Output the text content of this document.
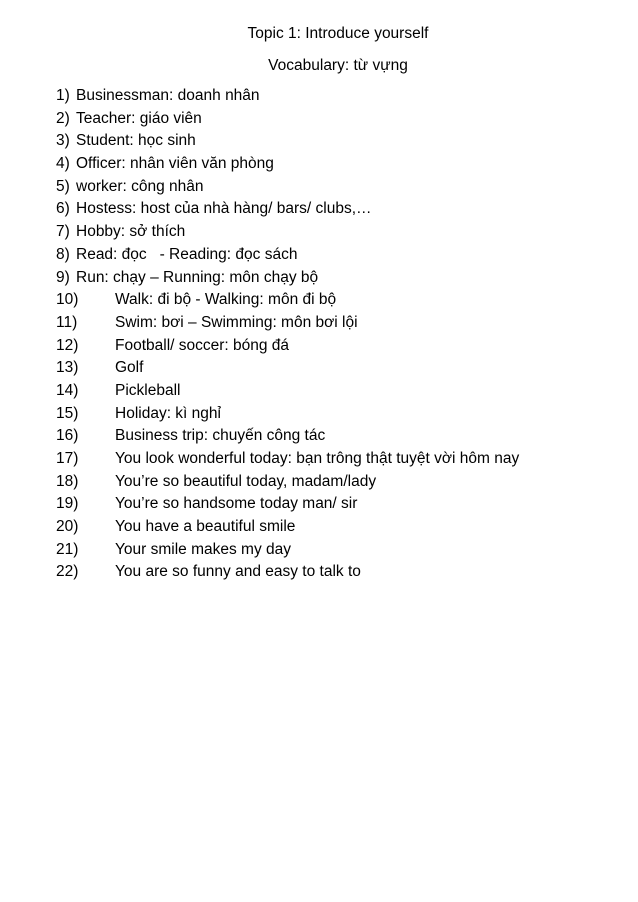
Topic 1: Introduce yourself
Vocabulary: từ vựng
1) Businessman: doanh nhân
2) Teacher: giáo viên
3) Student: học sinh
4) Officer: nhân viên văn phòng
5) worker: công nhân
6) Hostess: host của nhà hàng/ bars/ clubs,…
7) Hobby: sở thích
8) Read: đọc   - Reading: đọc sách
9) Run: chạy – Running: môn chạy bộ
10) Walk: đi bộ - Walking: môn đi bộ
11) Swim: bơi – Swimming: môn bơi lội
12) Football/ soccer: bóng đá
13) Golf
14) Pickleball
15) Holiday: kì nghỉ
16) Business trip: chuyến công tác
17) You look wonderful today: bạn trông thật tuyệt vời hôm nay
18) You’re so beautiful today, madam/lady
19) You’re so handsome today man/ sir
20) You have a beautiful smile
21) Your smile makes my day
22) You are so funny and easy to talk to
